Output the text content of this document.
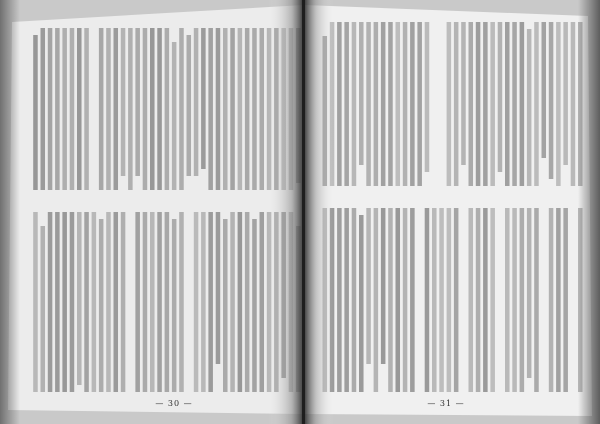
— 30 —	— 31 —
